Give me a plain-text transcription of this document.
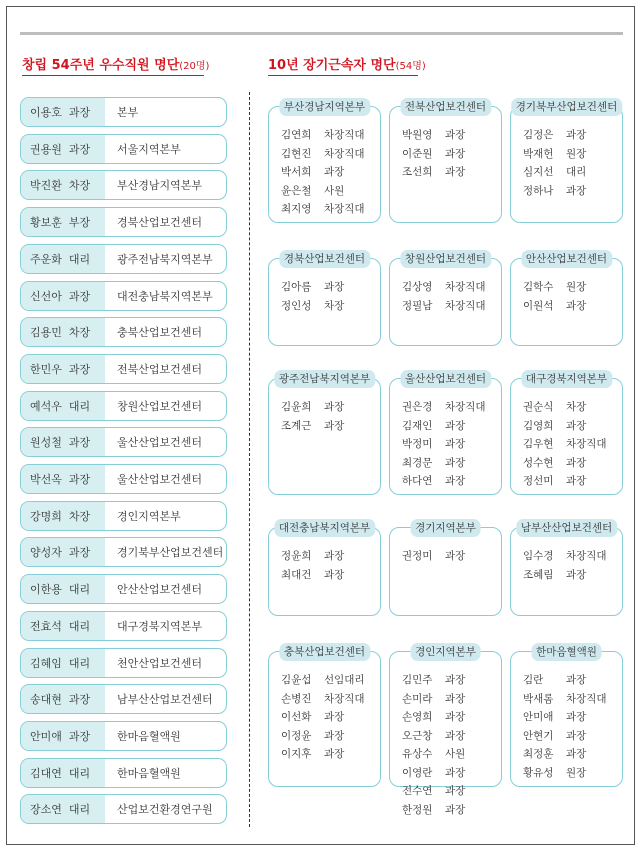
창립 54주년 우수직원 명단(20명)	10년 장기근속자 명단(54명)
이용호  과장	본부
권용원  과장	서울지역본부
박진환  차장	부산경남지역본부
황보훈  부장	경북산업보건센터
주운화  대리	광주전남북지역본부
신선아  과장	대전충남북지역본부
김용민  차장	충북산업보건센터
한민우  과장	전북산업보건센터
예석우  대리	창원산업보건센터
원성철  과장	울산산업보건센터
박선옥  과장	울산산업보건센터
강명희  차장	경인지역본부
양성자  과장	경기북부산업보건센터
이한용  대리	안산산업보건센터
전효석  대리	대구경북지역본부
김혜임  대리	천안산업보건센터
송대현  과장	남부산산업보건센터
안미애  과장	한마음혈액원
김대연  대리	한마음혈액원
장소연  대리	산업보건환경연구원
부산경남지역본부
김연희	차장직대
김현진	차장직대
박서희	과장
윤은철	사원
최지영	차장직대
전북산업보건센터
박원영	과장
이준원	과장
조선희	과장
경기북부산업보건센터
김정은	과장
박재헌	원장
심지선	대리
정하나	과장
경북산업보건센터
김아름	과장
정인성	차장
창원산업보건센터
김상영	차장직대
정필남	차장직대
안산산업보건센터
김학수	원장
이원석	과장
광주전남북지역본부
김윤희	과장
조계근	과장
울산산업보건센터
권은경	차장직대
김재인	과장
박정미	과장
최경문	과장
하다연	과장
대구경북지역본부
권순식	차장
김영희	과장
김우현	차장직대
성수현	과장
정선미	과장
대전충남북지역본부
정윤희	과장
최대건	과장
경기지역본부
권정미	과장
남부산산업보건센터
임수경	차장직대
조혜림	과장
충북산업보건센터
김윤섭	선임대리
손병진	차장직대
이선화	과장
이정윤	과장
이지후	과장
경인지역본부
김민주	과장
손미라	과장
손영희	과장
오근창	과장
유상수	사원
이영란	과장
전수연	과장
한정원	과장
한마음혈액원
김란	과장
박새롬	차장직대
안미애	과장
안현기	과장
최정훈	과장
황유성	원장
